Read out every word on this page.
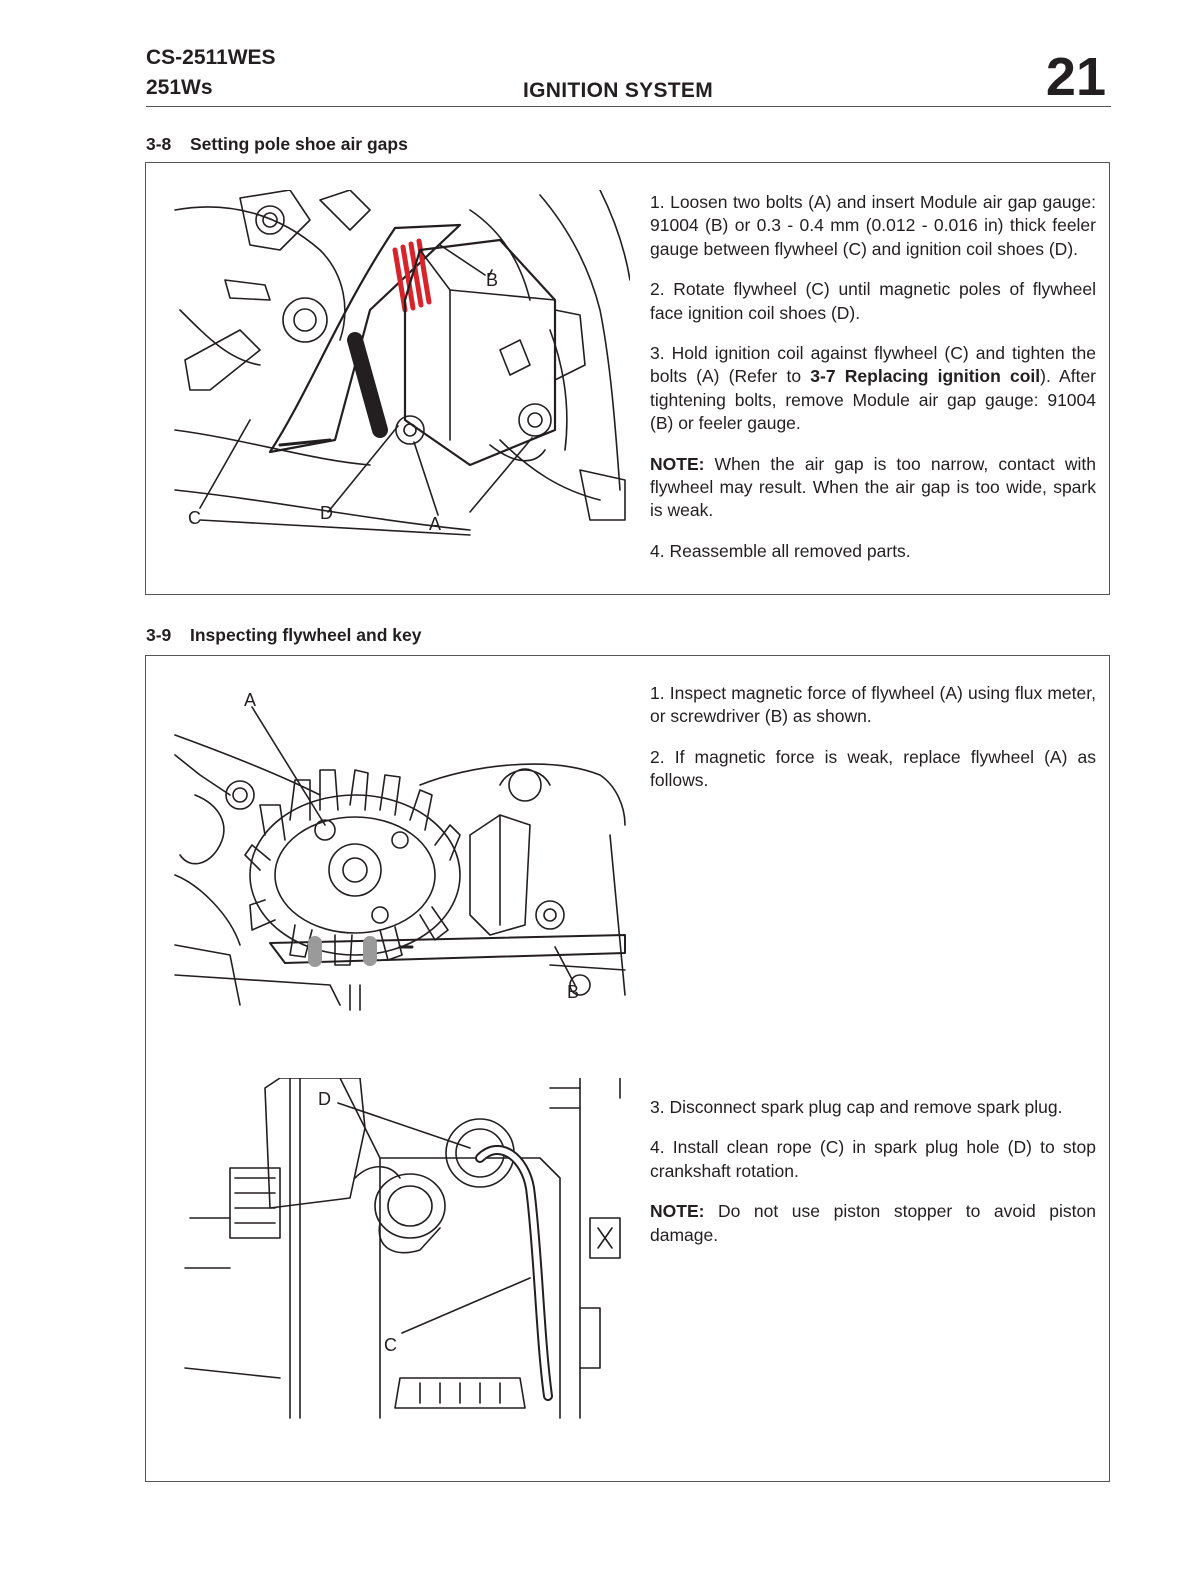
CS-2511WES
251Ws	IGNITION SYSTEM	21
3-8 Setting pole shoe air gaps
B
C	D
A

1. Loosen two bolts (A) and insert Module air gap gauge: 91004 (B) or 0.3 - 0.4 mm (0.012 - 0.016 in) thick feeler gauge between flywheel (C) and ignition coil shoes (D).

2. Rotate flywheel (C) until magnetic poles of flywheel face ignition coil shoes (D).

3. Hold ignition coil against flywheel (C) and tighten the bolts (A) (Refer to 3-7 Replacing ignition coil). After tightening bolts, remove Module air gap gauge: 91004 (B) or feeler gauge.

NOTE: When the air gap is too narrow, contact with flywheel may result. When the air gap is too wide, spark is weak.

4. Reassemble all removed parts.

3-9 Inspecting flywheel and key
A
B

1. Inspect magnetic force of flywheel (A) using flux meter, or screwdriver (B) as shown.

2. If magnetic force is weak, replace flywheel (A) as follows.

D
C

3. Disconnect spark plug cap and remove spark plug.

4. Install clean rope (C) in spark plug hole (D) to stop crankshaft rotation.

NOTE: Do not use piston stopper to avoid piston damage.
